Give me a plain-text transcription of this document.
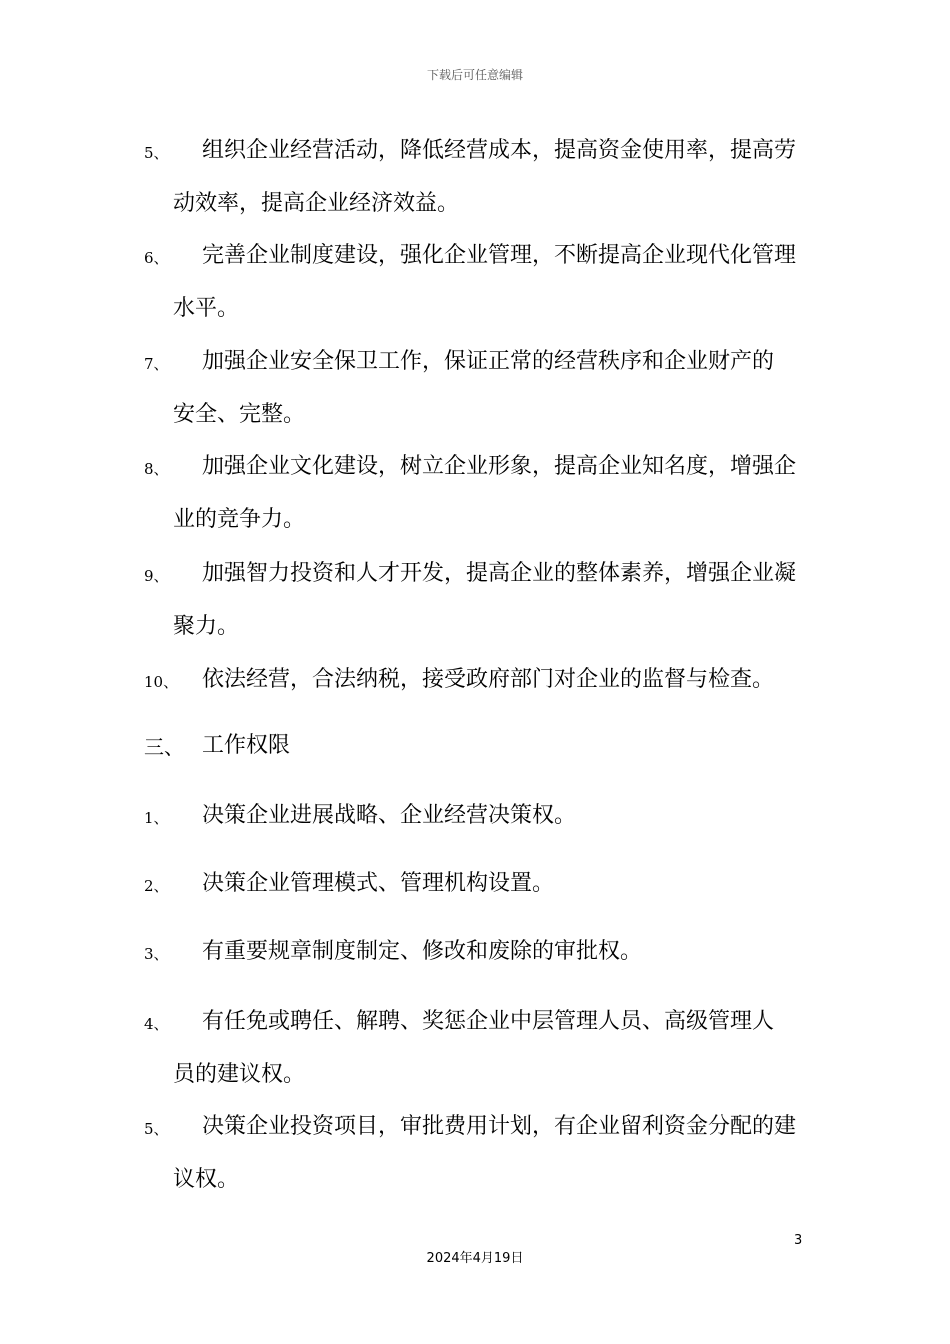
下载后可任意编辑
5、 组织企业经营活动，降低经营成本，提高资金使用率，提高劳
动效率，提高企业经济效益。
6、 完善企业制度建设，强化企业管理，不断提高企业现代化管理
水平。
7、 加强企业安全保卫工作，保证正常的经营秩序和企业财产的
安全、完整。
8、 加强企业文化建设，树立企业形象，提高企业知名度，增强企
业的竞争力。
9、 加强智力投资和人才开发，提高企业的整体素养，增强企业凝
聚力。
10、 依法经营，合法纳税，接受政府部门对企业的监督与检查。
三、 工作权限
1、 决策企业进展战略、企业经营决策权。
2、 决策企业管理模式、管理机构设置。
3、 有重要规章制度制定、修改和废除的审批权。
4、 有任免或聘任、解聘、奖惩企业中层管理人员、高级管理人
员的建议权。
5、 决策企业投资项目，审批费用计划，有企业留利资金分配的建
议权。
3
2024年4月19日
